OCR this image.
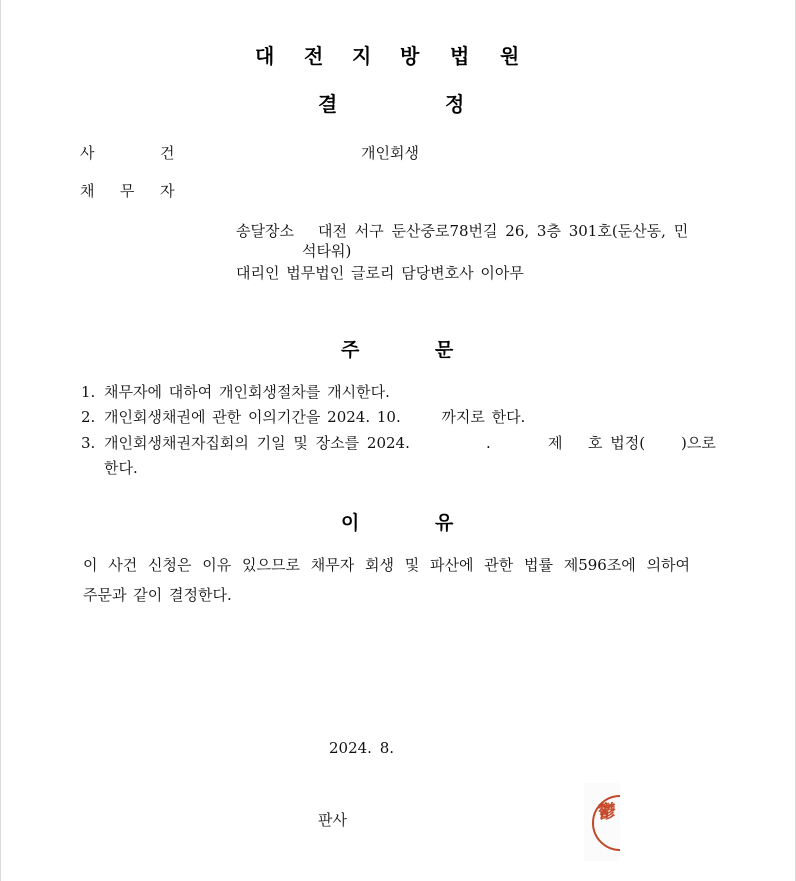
대 전 지 방 법 원
결	정
사	건	개인회생
채 무 자
송달장소 대전 서구 둔산중로78번길 26, 3층 301호(둔산동, 민
석타워)
대리인 법무법인 글로리 담당변호사 이아무
주	문
1. 채무자에 대하여 개인회생절차를 개시한다.
2. 개인회생채권에 관한 이의기간을 2024. 10.      까지로 한다.
3. 개인회생채권자집회의 기일 및 장소를 2024.	.	제 호 법정( )으로
한다.
이	유
이 사건 신청은 이유 있으므로 채무자 회생 및 파산에 관한 법률 제596조에 의하여
주문과 같이 결정한다.
2024. 8.
판사	鬱
